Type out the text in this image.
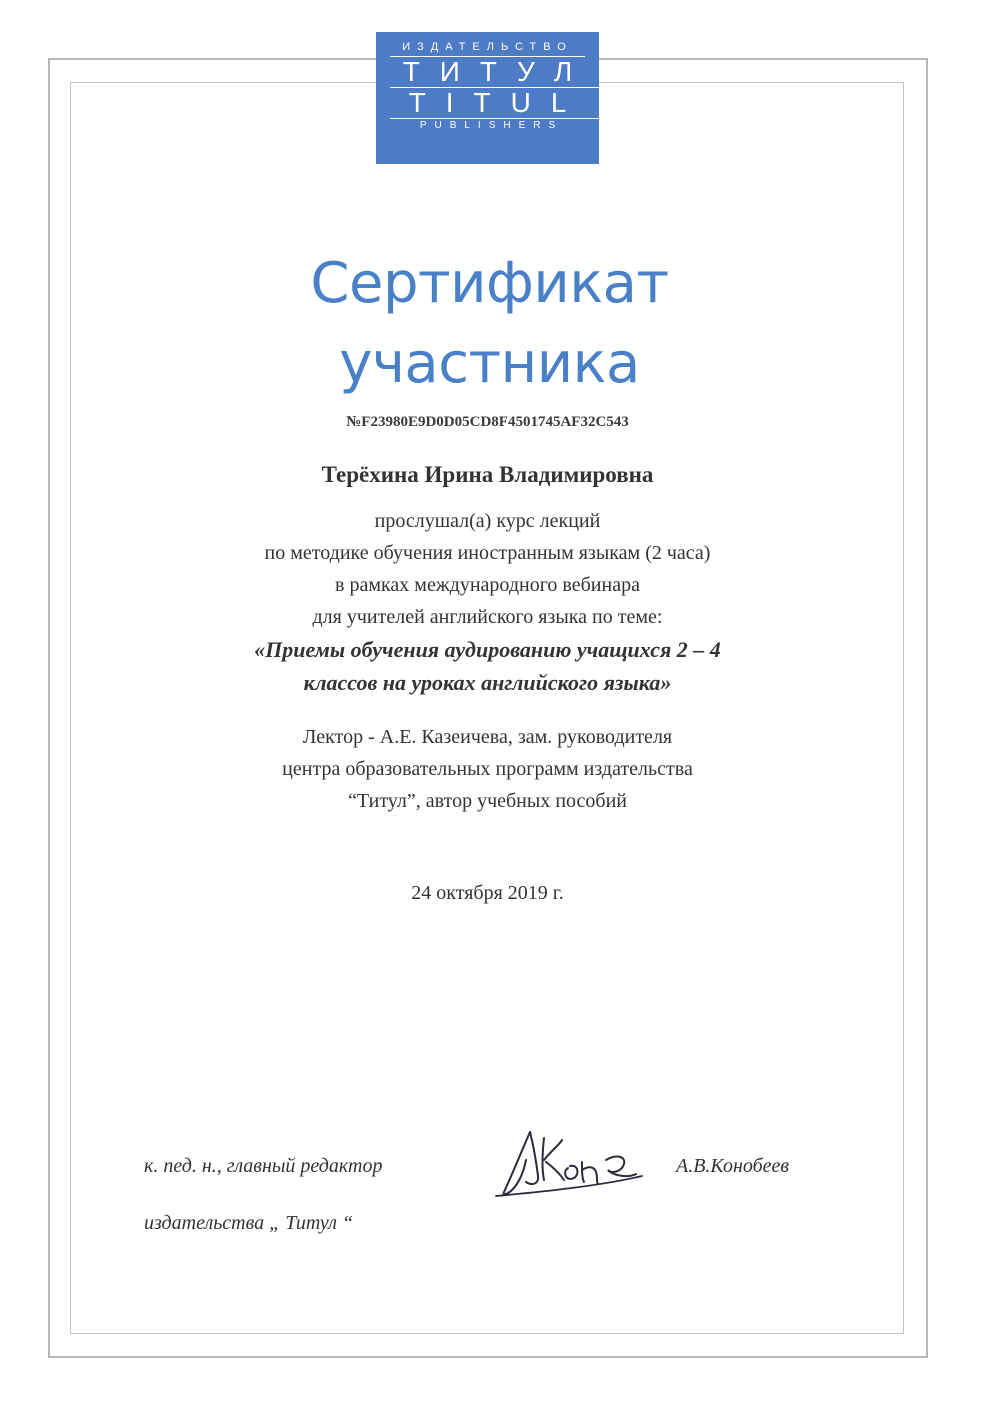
ИЗДАТЕЛЬСТВО
ТИТУЛ
TITUL
PUBLISHERS
Сертификат
участника
№F23980E9D0D05CD8F4501745AF32C543
Терёхина Ирина Владимировна
прослушал(а) курс лекций
по методике обучения иностранным языкам (2 часа)
в рамках международного вебинара
для учителей английского языка по теме:
«Приемы обучения аудированию учащихся 2 – 4
классов на уроках английского языка»
Лектор - А.Е. Казеичева, зам. руководителя
центра образовательных программ издательства
“Титул”, автор учебных пособий
24 октября 2019 г.
к. пед. н., главный редактор
издательства „ Титул “
А.В.Конобеев
